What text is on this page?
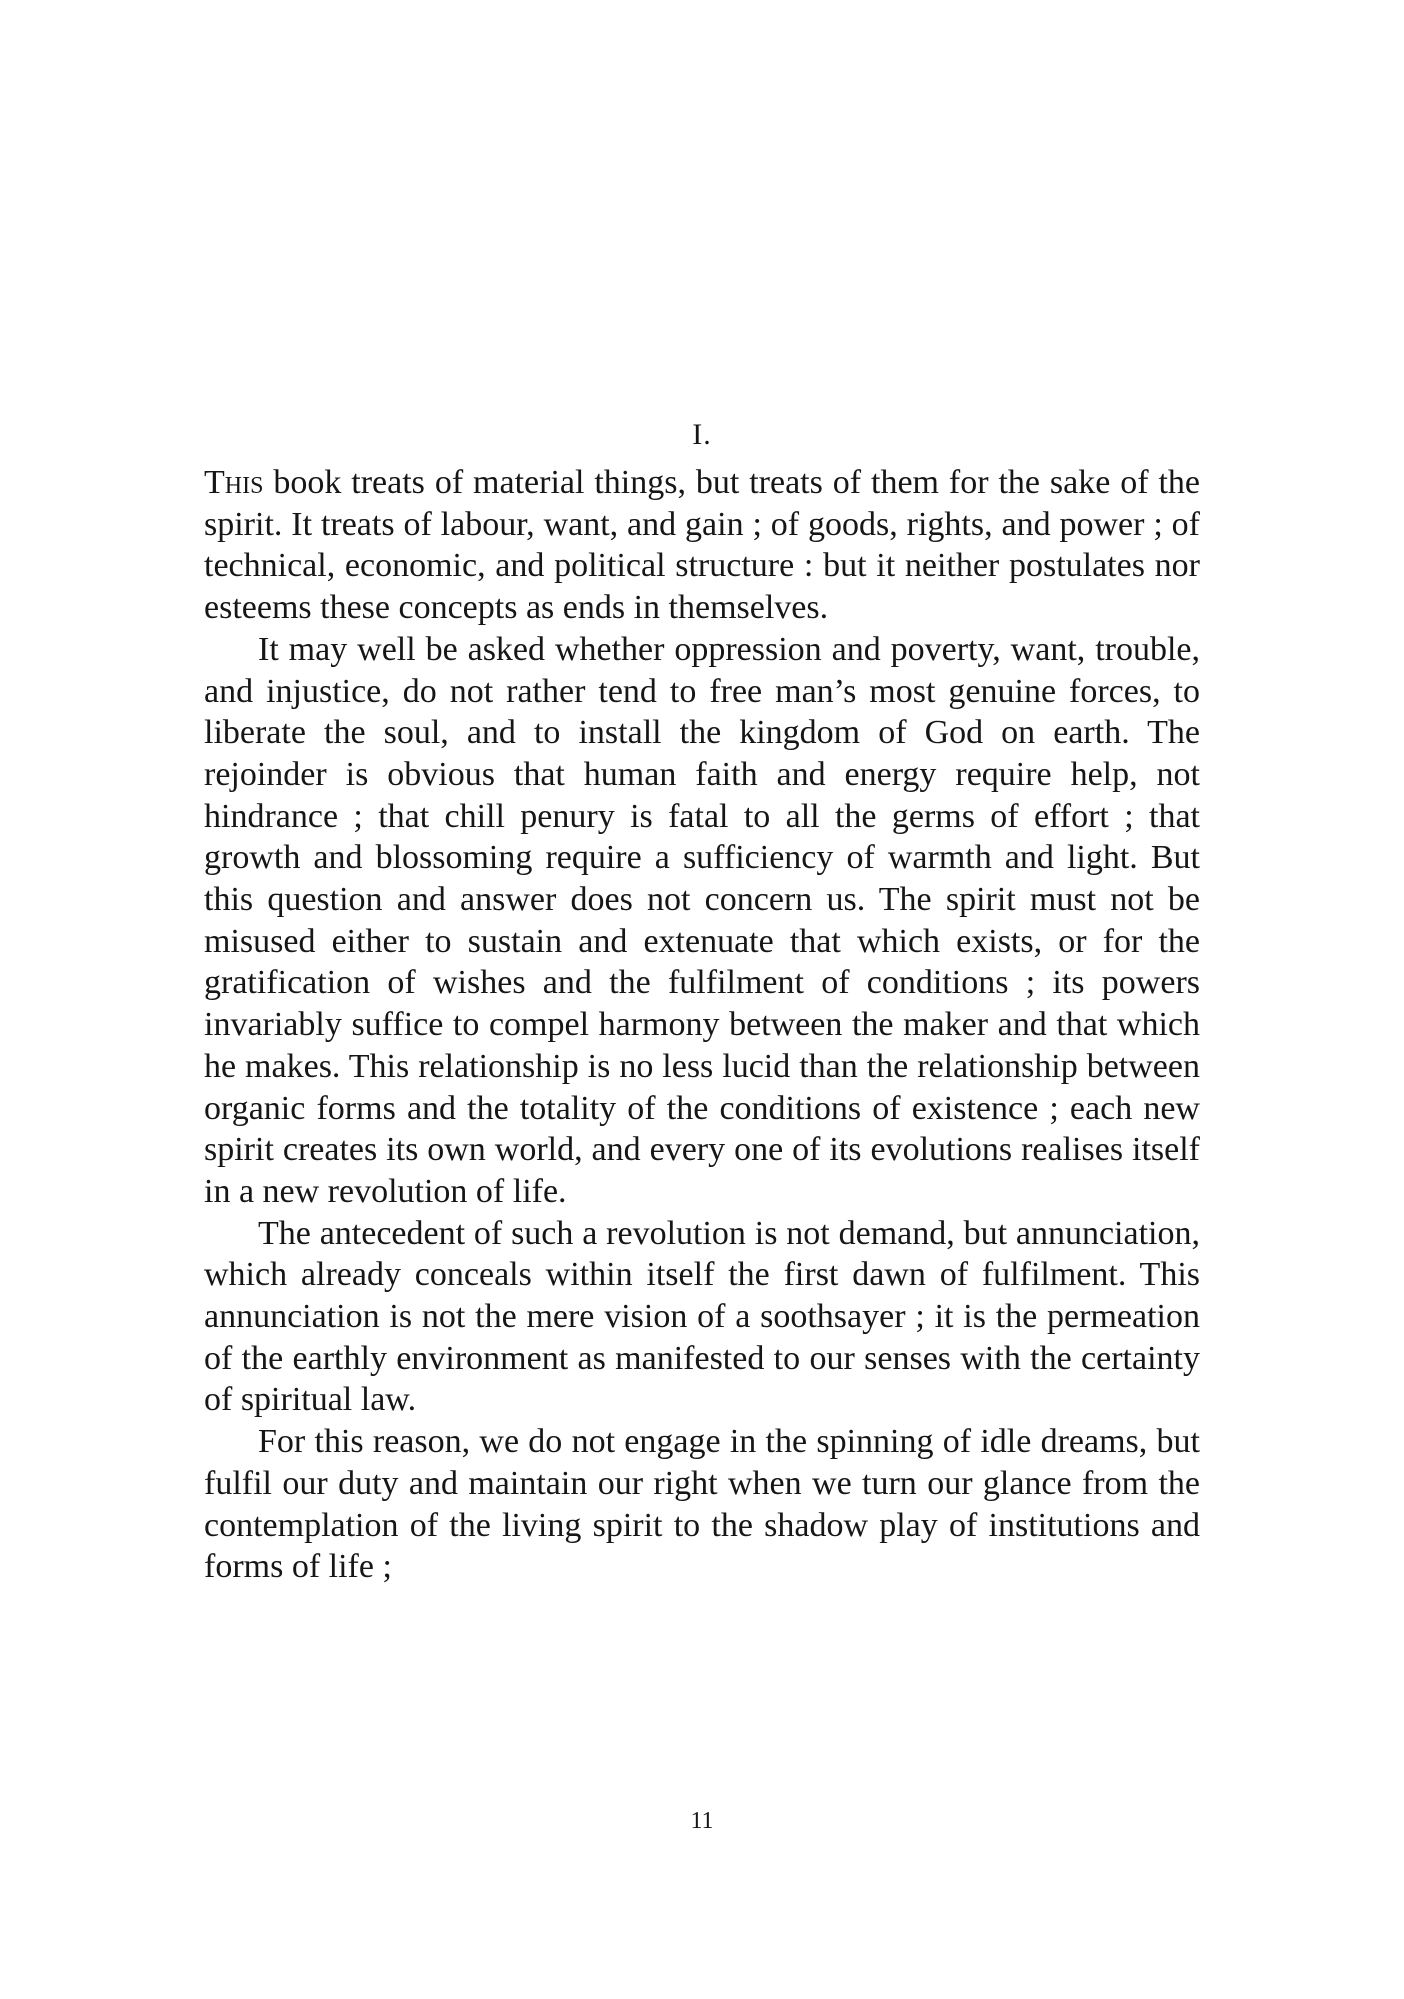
I.

This book treats of material things, but treats of them for the sake of the spirit. It treats of labour, want, and gain ; of goods, rights, and power ; of technical, economic, and political structure : but it neither postulates nor esteems these concepts as ends in themselves.

It may well be asked whether oppression and poverty, want, trouble, and injustice, do not rather tend to free man’s most genuine forces, to liberate the soul, and to install the kingdom of God on earth. The rejoinder is obvious that human faith and energy require help, not hindrance ; that chill penury is fatal to all the germs of effort ; that growth and blossoming require a sufficiency of warmth and light. But this question and answer does not concern us. The spirit must not be misused either to sustain and extenuate that which exists, or for the gratification of wishes and the fulfilment of conditions ; its powers invariably suffice to compel harmony between the maker and that which he makes. This relationship is no less lucid than the relationship between organic forms and the totality of the conditions of existence ; each new spirit creates its own world, and every one of its evolutions realises itself in a new revolution of life.

The antecedent of such a revolution is not demand, but annunciation, which already conceals within itself the first dawn of fulfilment. This annunciation is not the mere vision of a soothsayer ; it is the permeation of the earthly environment as manifested to our senses with the certainty of spiritual law.

For this reason, we do not engage in the spinning of idle dreams, but fulfil our duty and maintain our right when we turn our glance from the contemplation of the living spirit to the shadow play of institutions and forms of life ;

11
